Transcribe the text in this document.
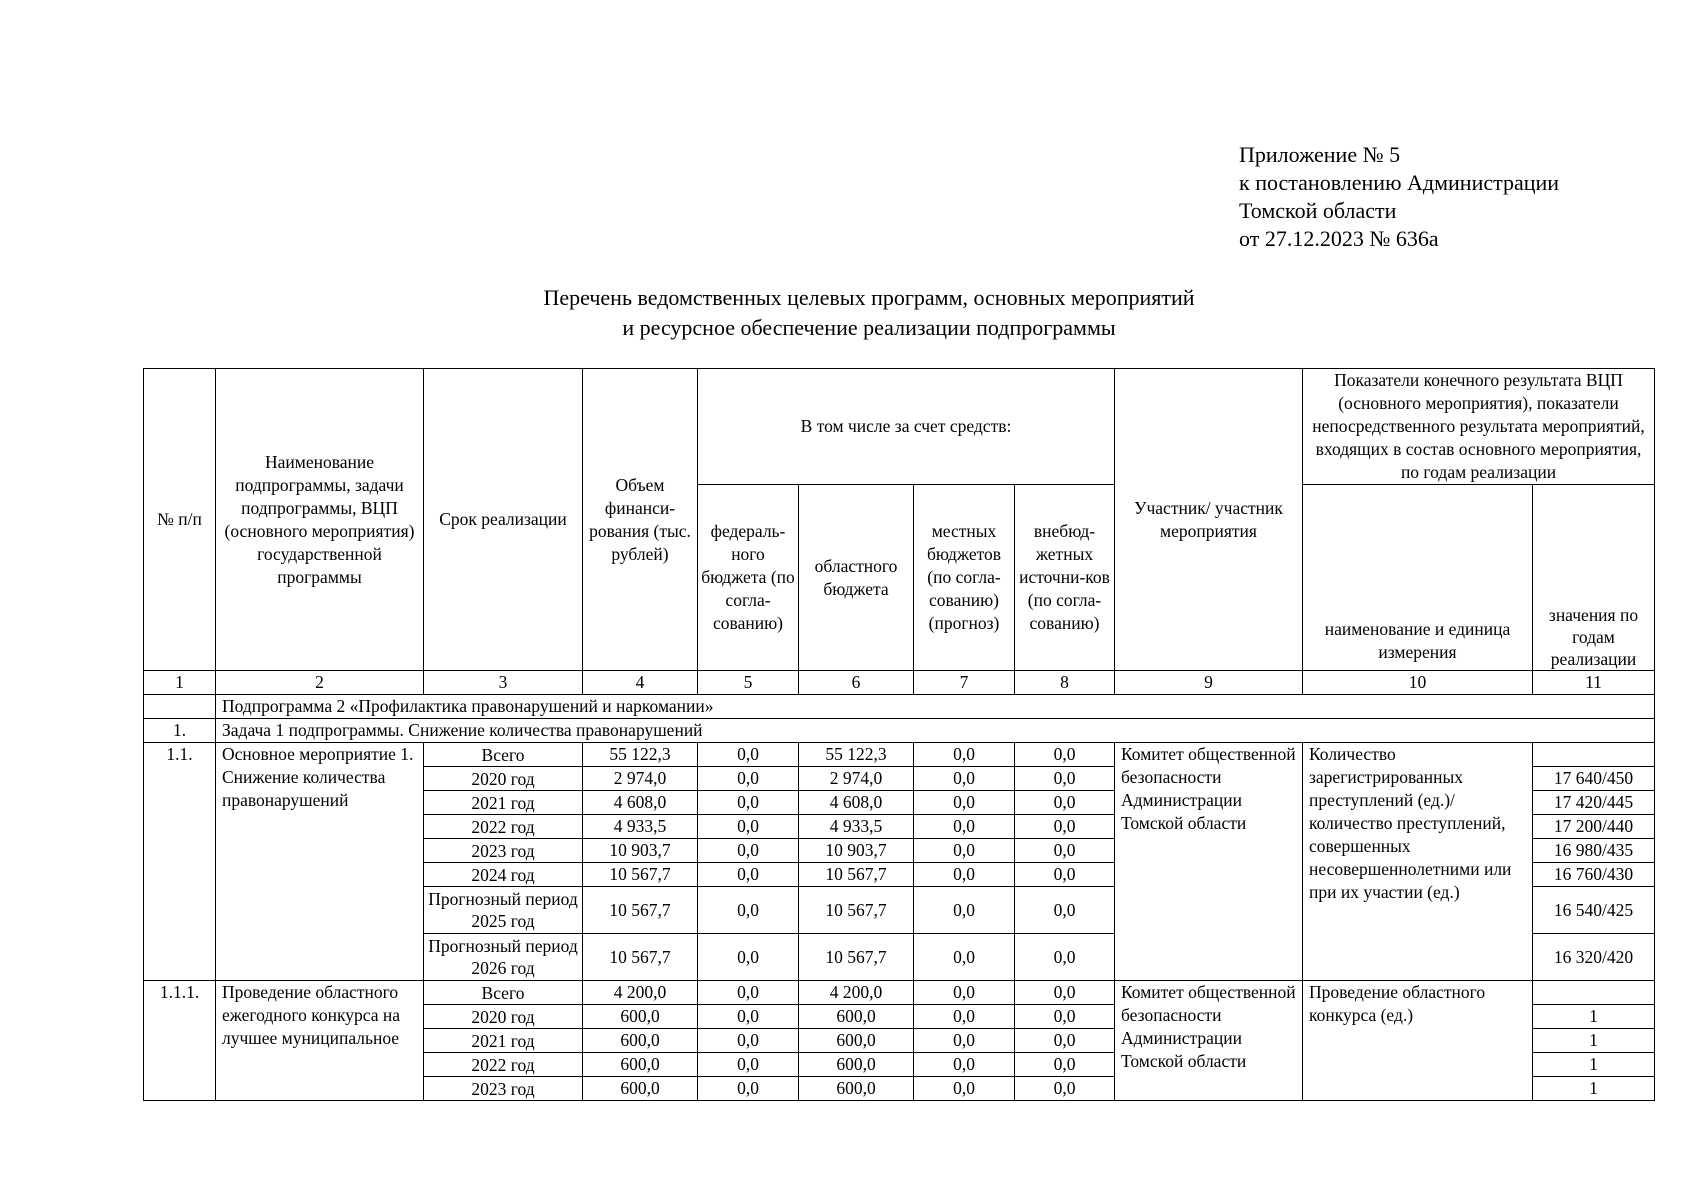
Приложение № 5
к постановлению Администрации
Томской области
от 27.12.2023 № 636а
Перечень ведомственных целевых программ, основных мероприятий
и ресурсное обеспечение реализации подпрограммы
№ п/п	Наименование подпрограммы, задачи подпрограммы, ВЦП (основного мероприятия) государственной программы	Срок реализации	Объем финанси-рования (тыс. рублей)	В том числе за счет средств:				Участник/ участник мероприятия	Показатели конечного результата ВЦП (основного мероприятия), показатели непосредственного результата мероприятий, входящих в состав основного мероприятия, по годам реализации	
				федераль-ного бюджета (по согла-сованию)	областного бюджета	местных бюджетов (по согла-сованию) (прогноз)	внебюд-жетных источни-ков (по согла-сованию)		наименование и единица измерения	значения по годам реализации
1	2	3	4	5	6	7	8	9	10	11
	Подпрограмма 2 «Профилактика правонарушений и наркомании»									
1.	Задача 1 подпрограммы. Снижение количества правонарушений									
1.1.	Основное мероприятие 1. Снижение количества правонарушений	Всего	55 122,3	0,0	55 122,3	0,0	0,0	Комитет общественной безопасности Администрации Томской области	Количество зарегистрированных преступлений (ед.)/ количество преступлений, совершенных несовершеннолетними или при их участии (ед.)	
		2020 год	2 974,0	0,0	2 974,0	0,0	0,0			17 640/450
		2021 год	4 608,0	0,0	4 608,0	0,0	0,0			17 420/445
		2022 год	4 933,5	0,0	4 933,5	0,0	0,0			17 200/440
		2023 год	10 903,7	0,0	10 903,7	0,0	0,0			16 980/435
		2024 год	10 567,7	0,0	10 567,7	0,0	0,0			16 760/430
		Прогнозный период 2025 год	10 567,7	0,0	10 567,7	0,0	0,0			16 540/425
		Прогнозный период 2026 год	10 567,7	0,0	10 567,7	0,0	0,0			16 320/420
1.1.1.	Проведение областного ежегодного конкурса на лучшее муниципальное	Всего	4 200,0	0,0	4 200,0	0,0	0,0	Комитет общественной безопасности Администрации Томской области	Проведение областного конкурса (ед.)	
		2020 год	600,0	0,0	600,0	0,0	0,0			1
		2021 год	600,0	0,0	600,0	0,0	0,0			1
		2022 год	600,0	0,0	600,0	0,0	0,0			1
		2023 год	600,0	0,0	600,0	0,0	0,0			1
